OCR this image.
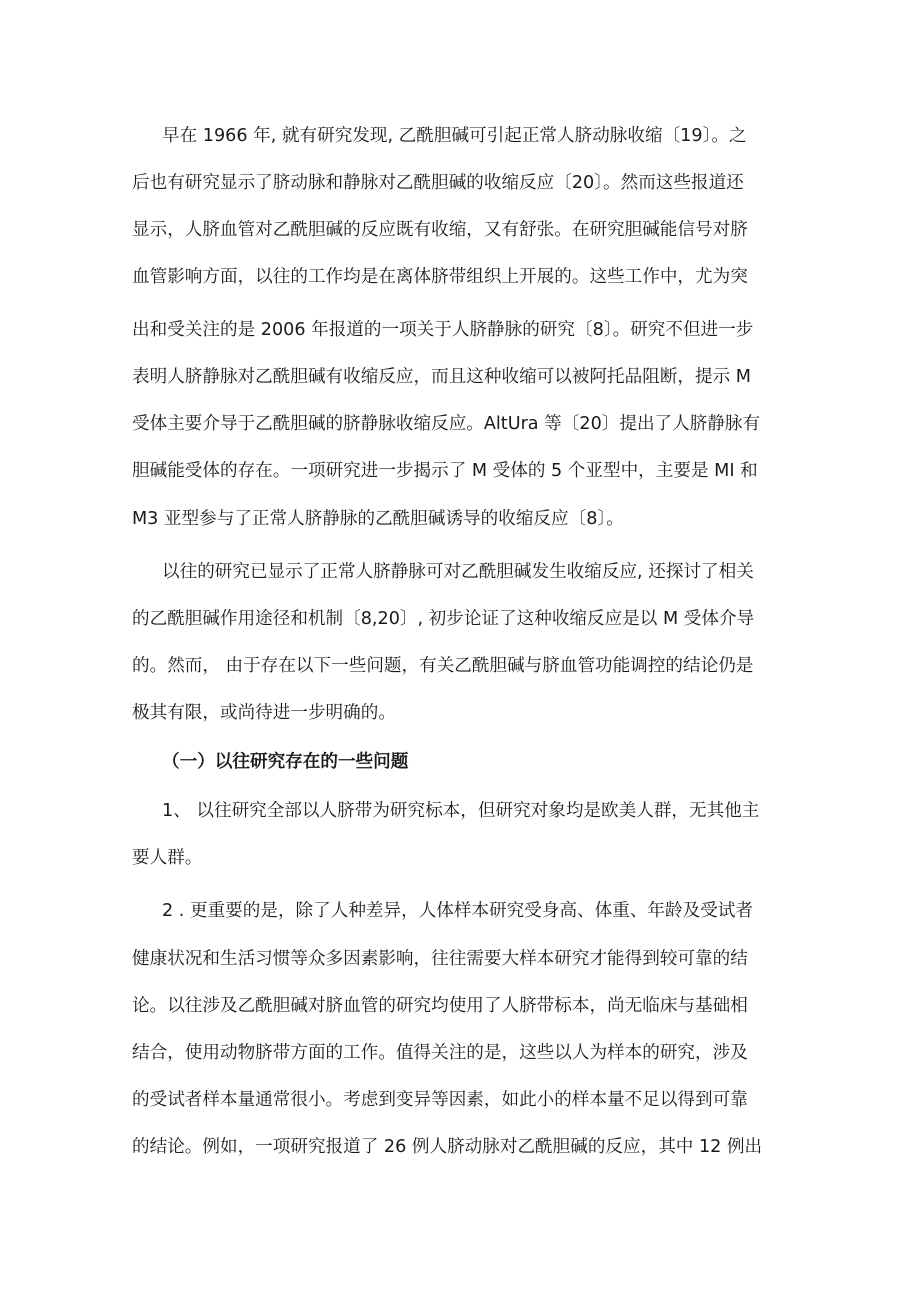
早在 1966 年, 就有研究发现, 乙酰胆碱可引起正常人脐动脉收缩〔19〕。之
后也有研究显示了脐动脉和静脉对乙酰胆碱的收缩反应〔20〕。然而这些报道还
显示，人脐血管对乙酰胆碱的反应既有收缩，又有舒张。在研究胆碱能信号对脐
血管影响方面，以往的工作均是在离体脐带组织上开展的。这些工作中，尤为突
出和受关注的是 2006 年报道的一项关于人脐静脉的研究〔8〕。研究不但进一步
表明人脐静脉对乙酰胆碱有收缩反应，而且这种收缩可以被阿托品阻断，提示 M
受体主要介导于乙酰胆碱的脐静脉收缩反应。AltUra 等〔20〕提出了人脐静脉有
胆碱能受体的存在。一项研究进一步揭示了 M 受体的 5 个亚型中，主要是 MI 和
M3 亚型参与了正常人脐静脉的乙酰胆碱诱导的收缩反应〔8〕。
以往的研究已显示了正常人脐静脉可对乙酰胆碱发生收缩反应, 还探讨了相关
的乙酰胆碱作用途径和机制〔8,20〕, 初步论证了这种收缩反应是以 M 受体介导
的。然而， 由于存在以下一些问题，有关乙酰胆碱与脐血管功能调控的结论仍是
极其有限，或尚待进一步明确的。
（一）以往研究存在的一些问题
1、 以往研究全部以人脐带为研究标本，但研究对象均是欧美人群，无其他主
要人群。
2 . 更重要的是，除了人种差异，人体样本研究受身高、体重、年龄及受试者
健康状况和生活习惯等众多因素影响，往往需要大样本研究才能得到较可靠的结
论。以往涉及乙酰胆碱对脐血管的研究均使用了人脐带标本，尚无临床与基础相
结合，使用动物脐带方面的工作。值得关注的是，这些以人为样本的研究，涉及
的受试者样本量通常很小。考虑到变异等因素，如此小的样本量不足以得到可靠
的结论。例如，一项研究报道了 26 例人脐动脉对乙酰胆碱的反应，其中 12 例出
